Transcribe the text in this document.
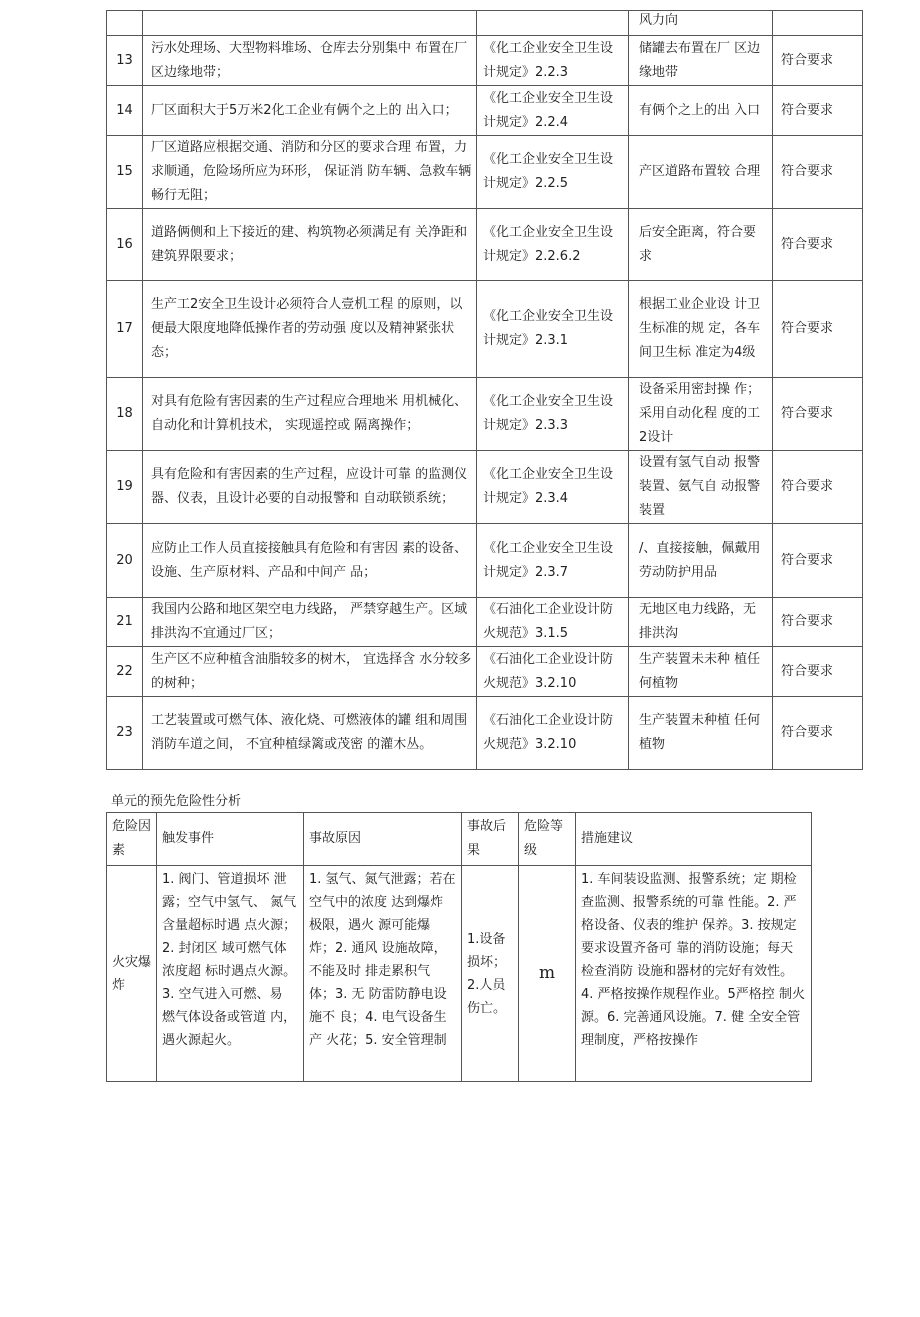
			风力向	
13	污水处理场、大型物料堆场、仓库去分别集中 布置在厂区边缘地带；	《化工企业安全卫生设计规定》2.2.3	储罐去布置在厂 区边缘地带	符合要求
14	厂区面积大于5万米2化工企业有俩个之上的 出入口；	《化工企业安全卫生设计规定》2.2.4	有俩个之上的出 入口	符合要求
15	厂区道路应根据交通、消防和分区的要求合理 布置，力求顺通，危险场所应为环形， 保证消 防车辆、急救车辆畅行无阻；	《化工企业安全卫生设计规定》2.2.5	产区道路布置较 合理	符合要求
16	道路俩侧和上下接近的建、构筑物必须满足有 关净距和建筑界限要求；	《化工企业安全卫生设计规定》2.2.6.2	后安全距离，符合要求	符合要求
17	生产工2安全卫生设计必须符合人壹机工程 的原则，以便最大限度地降低操作者的劳动强 度以及精神紧张状态；	《化工企业安全卫生设计规定》2.3.1	根据工业企业设 计卫生标准的规 定，各车间卫生标 准定为4级	符合要求
18	对具有危险有害因素的生产过程应合理地米 用机械化、自动化和计算机技术， 实现遥控或 隔离操作；	《化工企业安全卫生设计规定》2.3.3	设备采用密封操 作；采用自动化程 度的工2设计	符合要求
19	具有危险和有害因素的生产过程，应设计可靠 的监测仪器、仪表，且设计必要的自动报警和 自动联锁系统；	《化工企业安全卫生设计规定》2.3.4	设置有氢气自动 报警装置、氨气自 动报警装置	符合要求
20	应防止工作人员直接接触具有危险和有害因 素的设备、设施、生产原材料、产品和中间产 品；	《化工企业安全卫生设计规定》2.3.7	/、直接接触，佩戴用劳动防护用品	符合要求
21	我国内公路和地区架空电力线路， 严禁穿越生产。区域排洪沟不宜通过厂区；	《石油化工企业设计防火规范》3.1.5	无地区电力线路，无排洪沟	符合要求
22	生产区不应种植含油脂较多的树木， 宜选择含 水分较多的树种；	《石油化工企业设计防火规范》3.2.10	生产装置未未种 植任何植物	符合要求
23	工艺装置或可燃气体、液化烧、可燃液体的罐 组和周围消防车道之间， 不宜种植绿篱或茂密 的灌木丛。	《石油化工企业设计防火规范》3.2.10	生产装置未种植 任何植物	符合要求
单元的预先危险性分析
危险因素	触发事件	事故原因	事故后果	危险等级	措施建议
火灾爆炸	1. 阀门、管道损坏 泄露；空气中氢气、 氮气含量超标时遇 点火源；2. 封闭区 域可燃气体浓度超 标时遇点火源。3. 空气进入可燃、易 燃气体设备或管道 内，遇火源起火。	1. 氢气、氮气泄露；若在空气中的浓度 达到爆炸极限，遇火 源可能爆炸；2. 通风 设施故障，不能及时 排走累积气体；3. 无 防雷防静电设施不 良；4. 电气设备生产 火花；5. 安全管理制	1.设备损坏；2.人员伤亡。	m	1. 车间装设监测、报警系统；定 期检查监测、报警系统的可靠 性能。2. 严格设备、仪表的维护 保养。3. 按规定要求设置齐备可 靠的消防设施；每天检查消防 设施和器材的完好有效性。 4. 严格按操作规程作业。5严格控 制火源。6. 完善通风设施。7. 健 全安全管理制度，严格按操作
